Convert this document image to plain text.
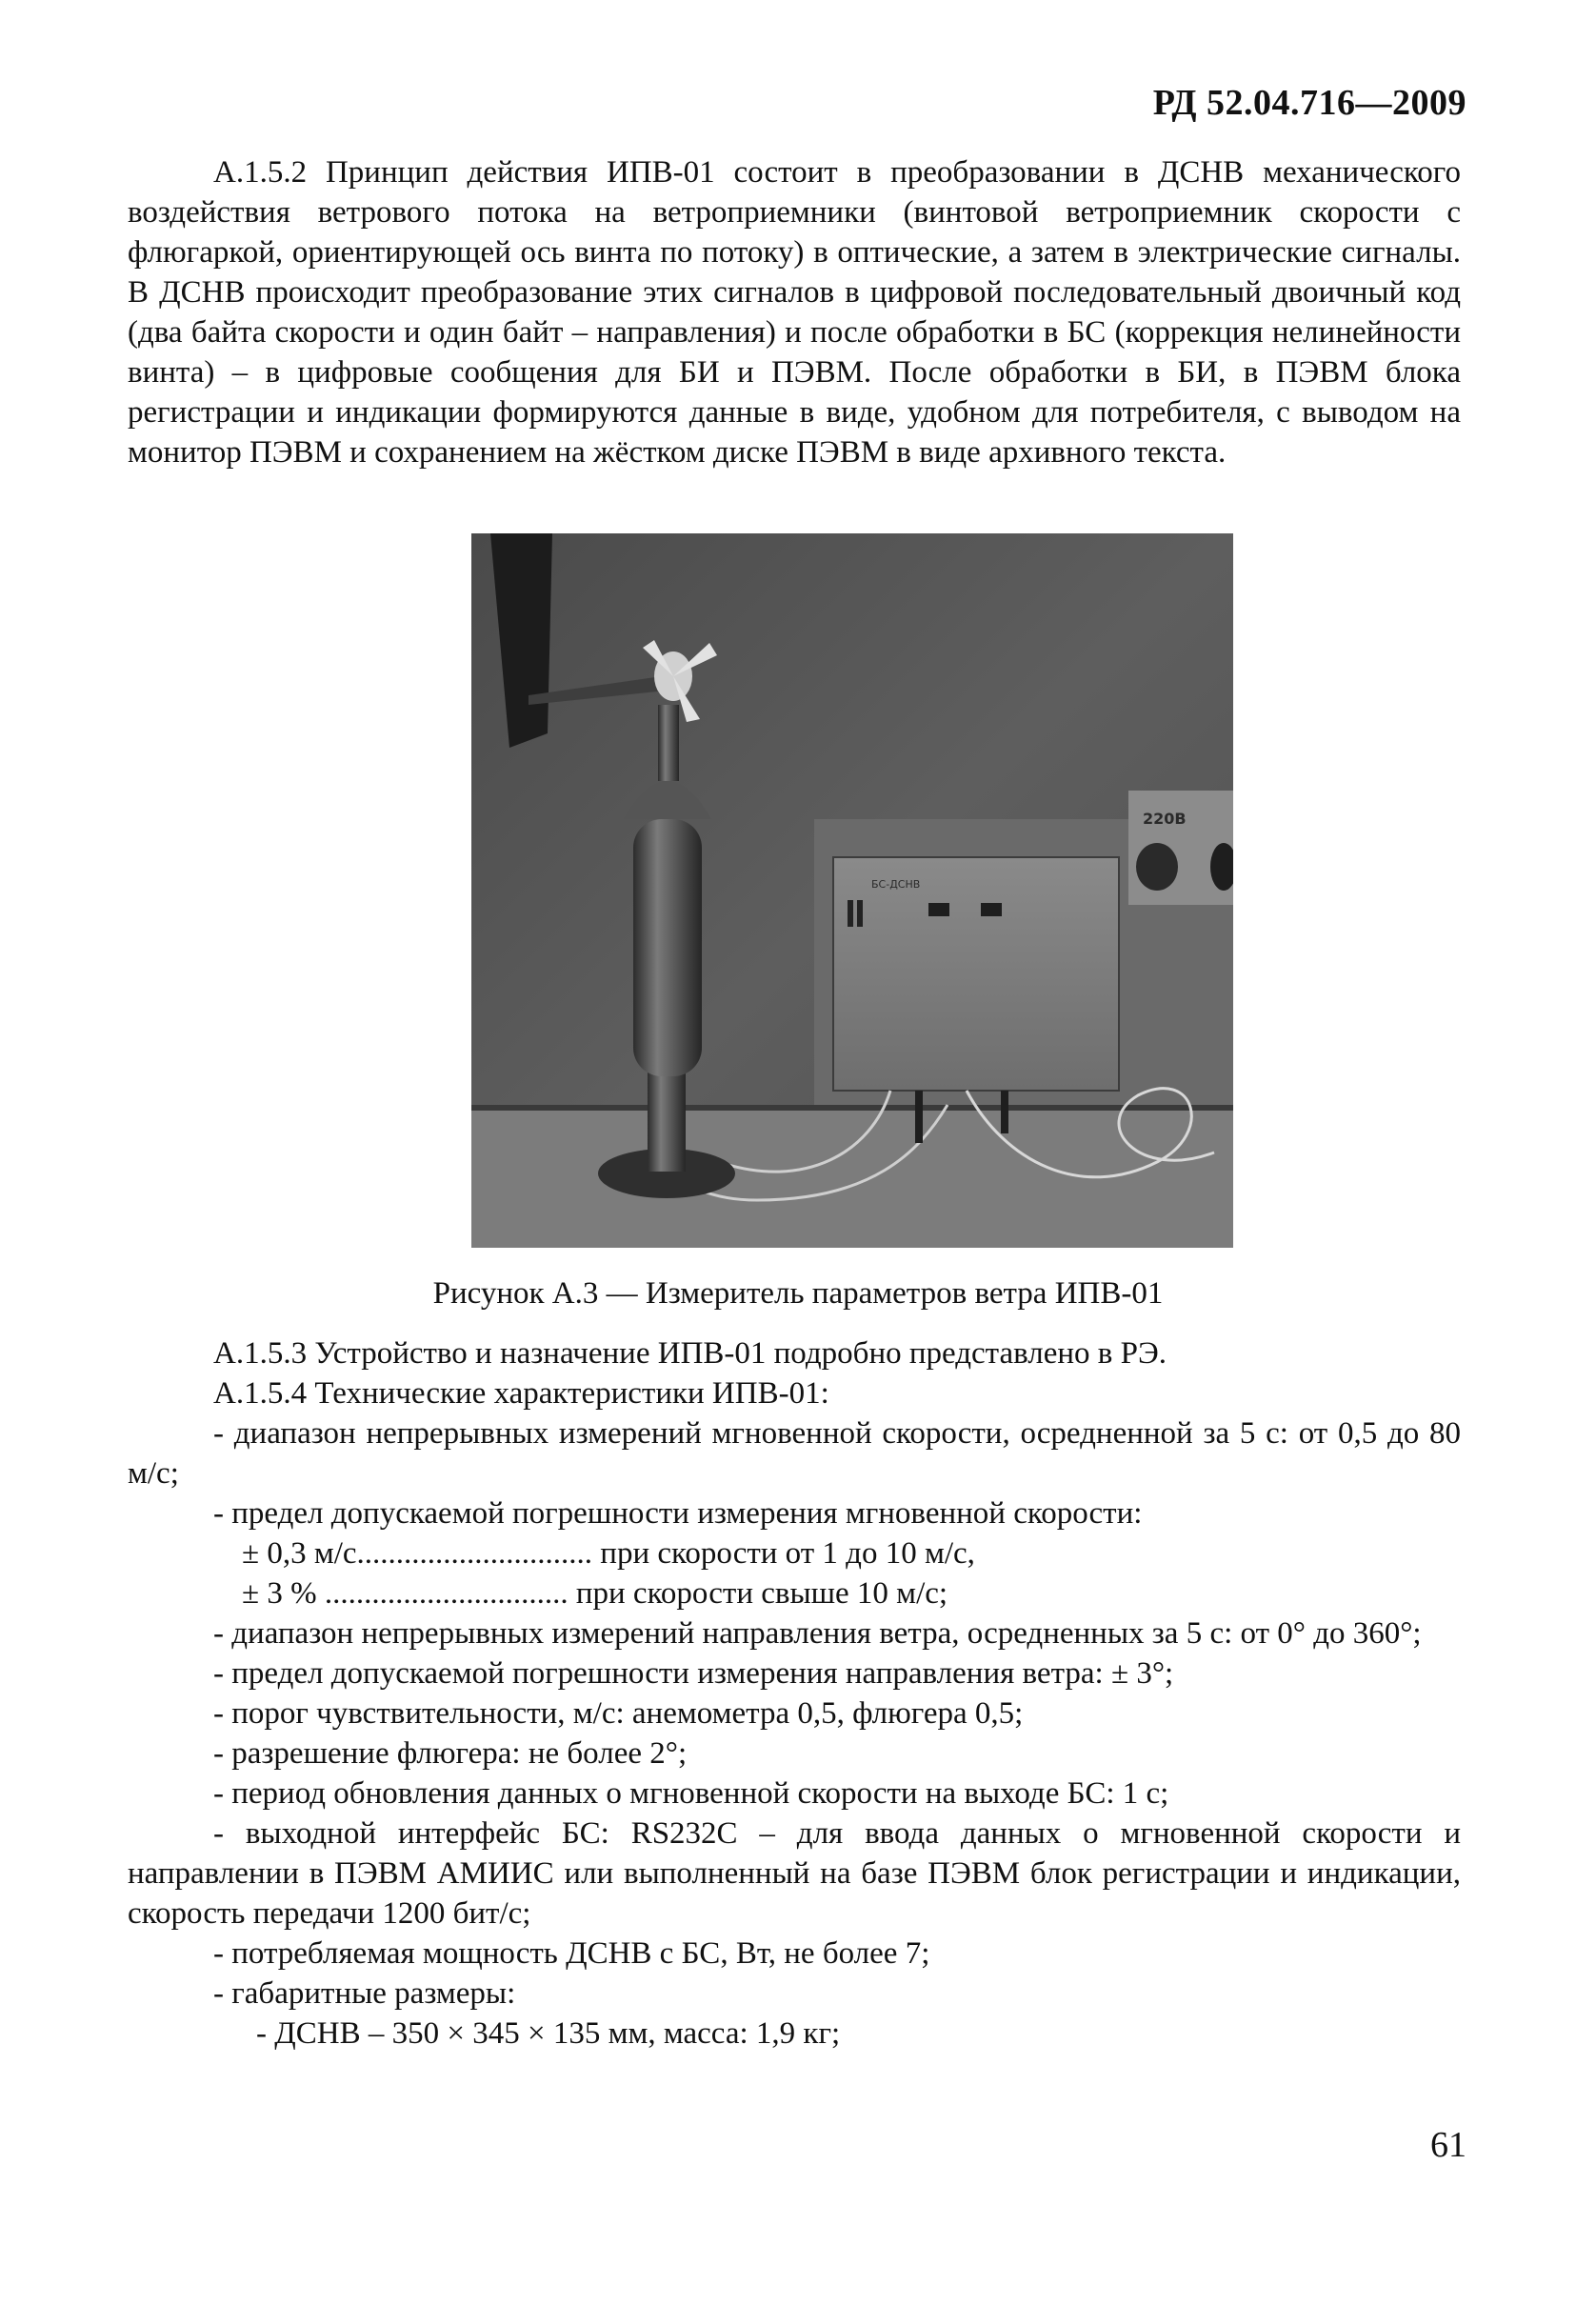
РД 52.04.716—2009

А.1.5.2 Принцип действия ИПВ-01 состоит в преобразовании в ДСНВ механического воздействия ветрового потока на ветроприемники (винтовой ветроприемник скорости с флюгаркой, ориентирующей ось винта по потоку) в оптические, а затем в электрические сигналы. В ДСНВ происходит преобразование этих сигналов в цифровой последовательный двоичный код (два байта скорости и один байт – направления) и после обработки в БС (коррекция нелинейности винта) – в цифровые сообщения для БИ и ПЭВМ. После обработки в БИ, в ПЭВМ блока регистрации и индикации формируются данные в виде, удобном для потребителя, с выводом на монитор ПЭВМ и сохранением на жёстком диске ПЭВМ в виде архивного текста.

БС-ДСНВ
220В
Рисунок А.3 — Измеритель параметров ветра ИПВ-01

А.1.5.3 Устройство и назначение ИПВ-01 подробно представлено в РЭ.

А.1.5.4 Технические характеристики ИПВ-01:

- диапазон непрерывных измерений мгновенной скорости, осредненной за 5 с: от 0,5 до 80 м/с;

- предел допускаемой погрешности измерения мгновенной скорости:

± 0,3 м/с.............................. при скорости от 1 до 10 м/с,

± 3 % ............................... при скорости свыше 10 м/с;

- диапазон непрерывных измерений направления ветра, осредненных за 5 с: от 0° до 360°;

- предел допускаемой погрешности измерения направления ветра: ± 3°;

- порог чувствительности, м/с: анемометра 0,5, флюгера 0,5;

- разрешение флюгера: не более 2°;

- период обновления данных о мгновенной скорости на выходе БС: 1 с;

- выходной интерфейс БС: RS232C – для ввода данных о мгновенной скорости и направлении в ПЭВМ АМИИС или выполненный на базе ПЭВМ блок регистрации и индикации, скорость передачи 1200 бит/с;

- потребляемая мощность ДСНВ с БС, Вт, не более 7;

- габаритные размеры:

- ДСНВ – 350 × 345 × 135 мм, масса: 1,9 кг;

61
